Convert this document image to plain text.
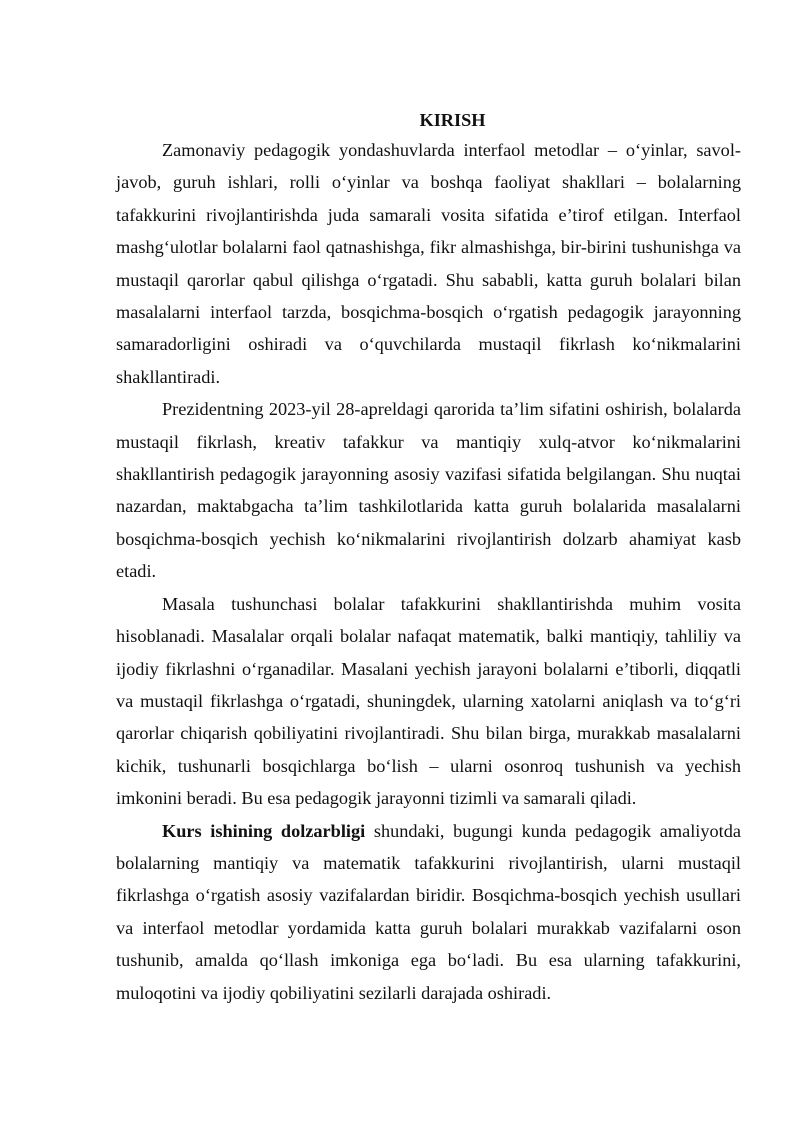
KIRISH

Zamonaviy pedagogik yondashuvlarda interfaol metodlar – o‘yinlar, savol-javob, guruh ishlari, rolli o‘yinlar va boshqa faoliyat shakllari – bolalarning tafakkurini rivojlantirishda juda samarali vosita sifatida e’tirof etilgan. Interfaol mashg‘ulotlar bolalarni faol qatnashishga, fikr almashishga, bir-birini tushunishga va mustaqil qarorlar qabul qilishga o‘rgatadi. Shu sababli, katta guruh bolalari bilan masalalarni interfaol tarzda, bosqichma-bosqich o‘rgatish pedagogik jarayonning samaradorligini oshiradi va o‘quvchilarda mustaqil fikrlash ko‘nikmalarini shakllantiradi.

Prezidentning 2023-yil 28-apreldagi qarorida ta’lim sifatini oshirish, bolalarda mustaqil fikrlash, kreativ tafakkur va mantiqiy xulq-atvor ko‘nikmalarini shakllantirish pedagogik jarayonning asosiy vazifasi sifatida belgilangan. Shu nuqtai nazardan, maktabgacha ta’lim tashkilotlarida katta guruh bolalarida masalalarni bosqichma-bosqich yechish ko‘nikmalarini rivojlantirish dolzarb ahamiyat kasb etadi.

Masala tushunchasi bolalar tafakkurini shakllantirishda muhim vosita hisoblanadi. Masalalar orqali bolalar nafaqat matematik, balki mantiqiy, tahliliy va ijodiy fikrlashni o‘rganadilar. Masalani yechish jarayoni bolalarni e’tiborli, diqqatli va mustaqil fikrlashga o‘rgatadi, shuningdek, ularning xatolarni aniqlash va to‘g‘ri qarorlar chiqarish qobiliyatini rivojlantiradi. Shu bilan birga, murakkab masalalarni kichik, tushunarli bosqichlarga bo‘lish – ularni osonroq tushunish va yechish imkonini beradi. Bu esa pedagogik jarayonni tizimli va samarali qiladi.

Kurs ishining dolzarbligi shundaki, bugungi kunda pedagogik amaliyotda bolalarning mantiqiy va matematik tafakkurini rivojlantirish, ularni mustaqil fikrlashga o‘rgatish asosiy vazifalardan biridir. Bosqichma-bosqich yechish usullari va interfaol metodlar yordamida katta guruh bolalari murakkab vazifalarni oson tushunib, amalda qo‘llash imkoniga ega bo‘ladi. Bu esa ularning tafakkurini, muloqotini va ijodiy qobiliyatini sezilarli darajada oshiradi.
